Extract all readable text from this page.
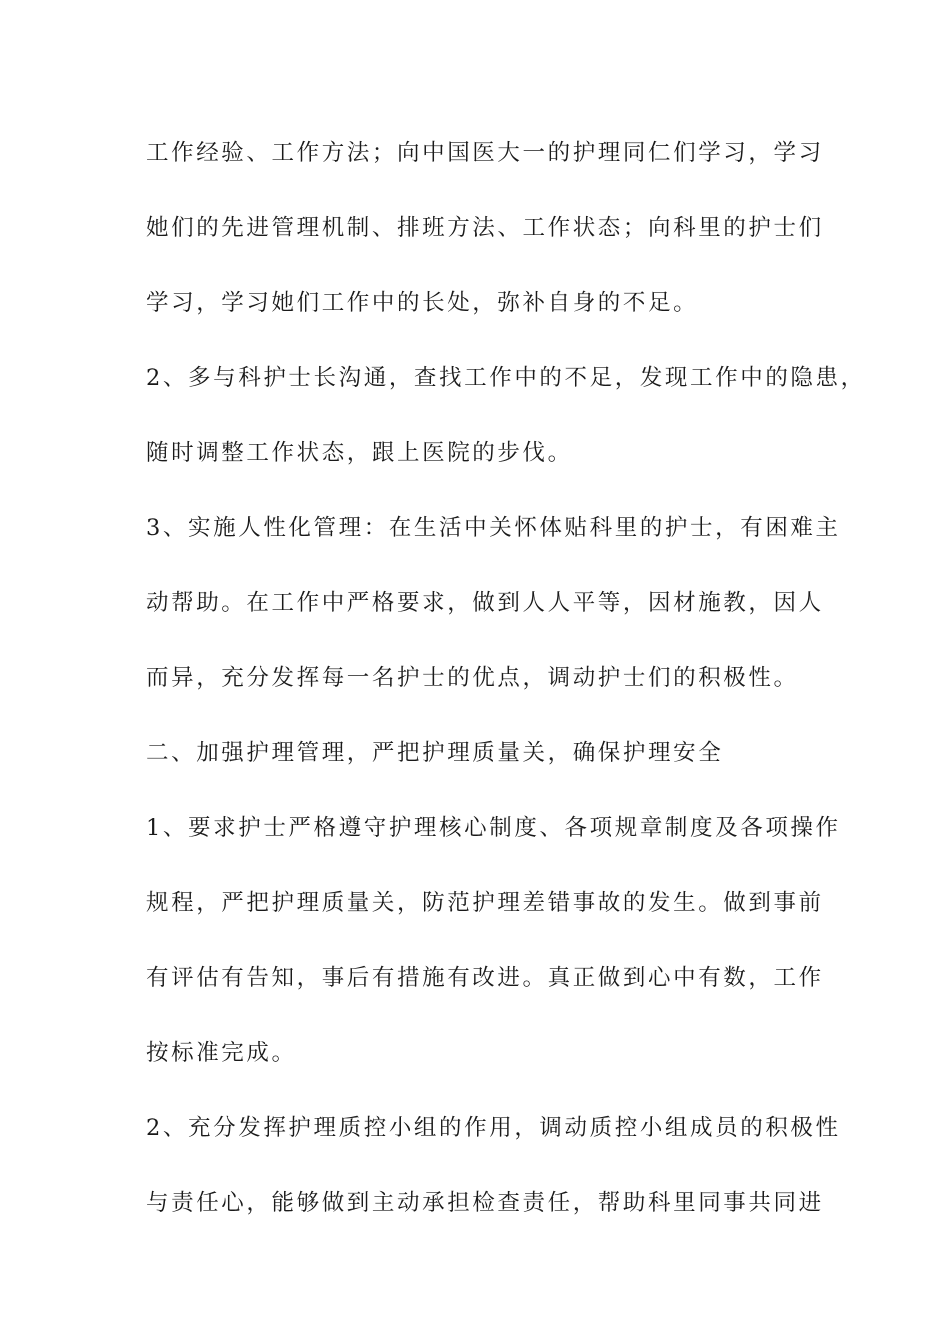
工作经验、工作方法；向中国医大一的护理同仁们学习，学习
她们的先进管理机制、排班方法、工作状态；向科里的护士们
学习，学习她们工作中的长处，弥补自身的不足。
2、多与科护士长沟通，查找工作中的不足，发现工作中的隐患，
随时调整工作状态，跟上医院的步伐。
3、实施人性化管理：在生活中关怀体贴科里的护士，有困难主
动帮助。在工作中严格要求，做到人人平等，因材施教，因人
而异，充分发挥每一名护士的优点，调动护士们的积极性。
二、加强护理管理，严把护理质量关，确保护理安全
1、要求护士严格遵守护理核心制度、各项规章制度及各项操作
规程，严把护理质量关，防范护理差错事故的发生。做到事前
有评估有告知，事后有措施有改进。真正做到心中有数，工作
按标准完成。
2、充分发挥护理质控小组的作用，调动质控小组成员的积极性
与责任心，能够做到主动承担检查责任，帮助科里同事共同进
